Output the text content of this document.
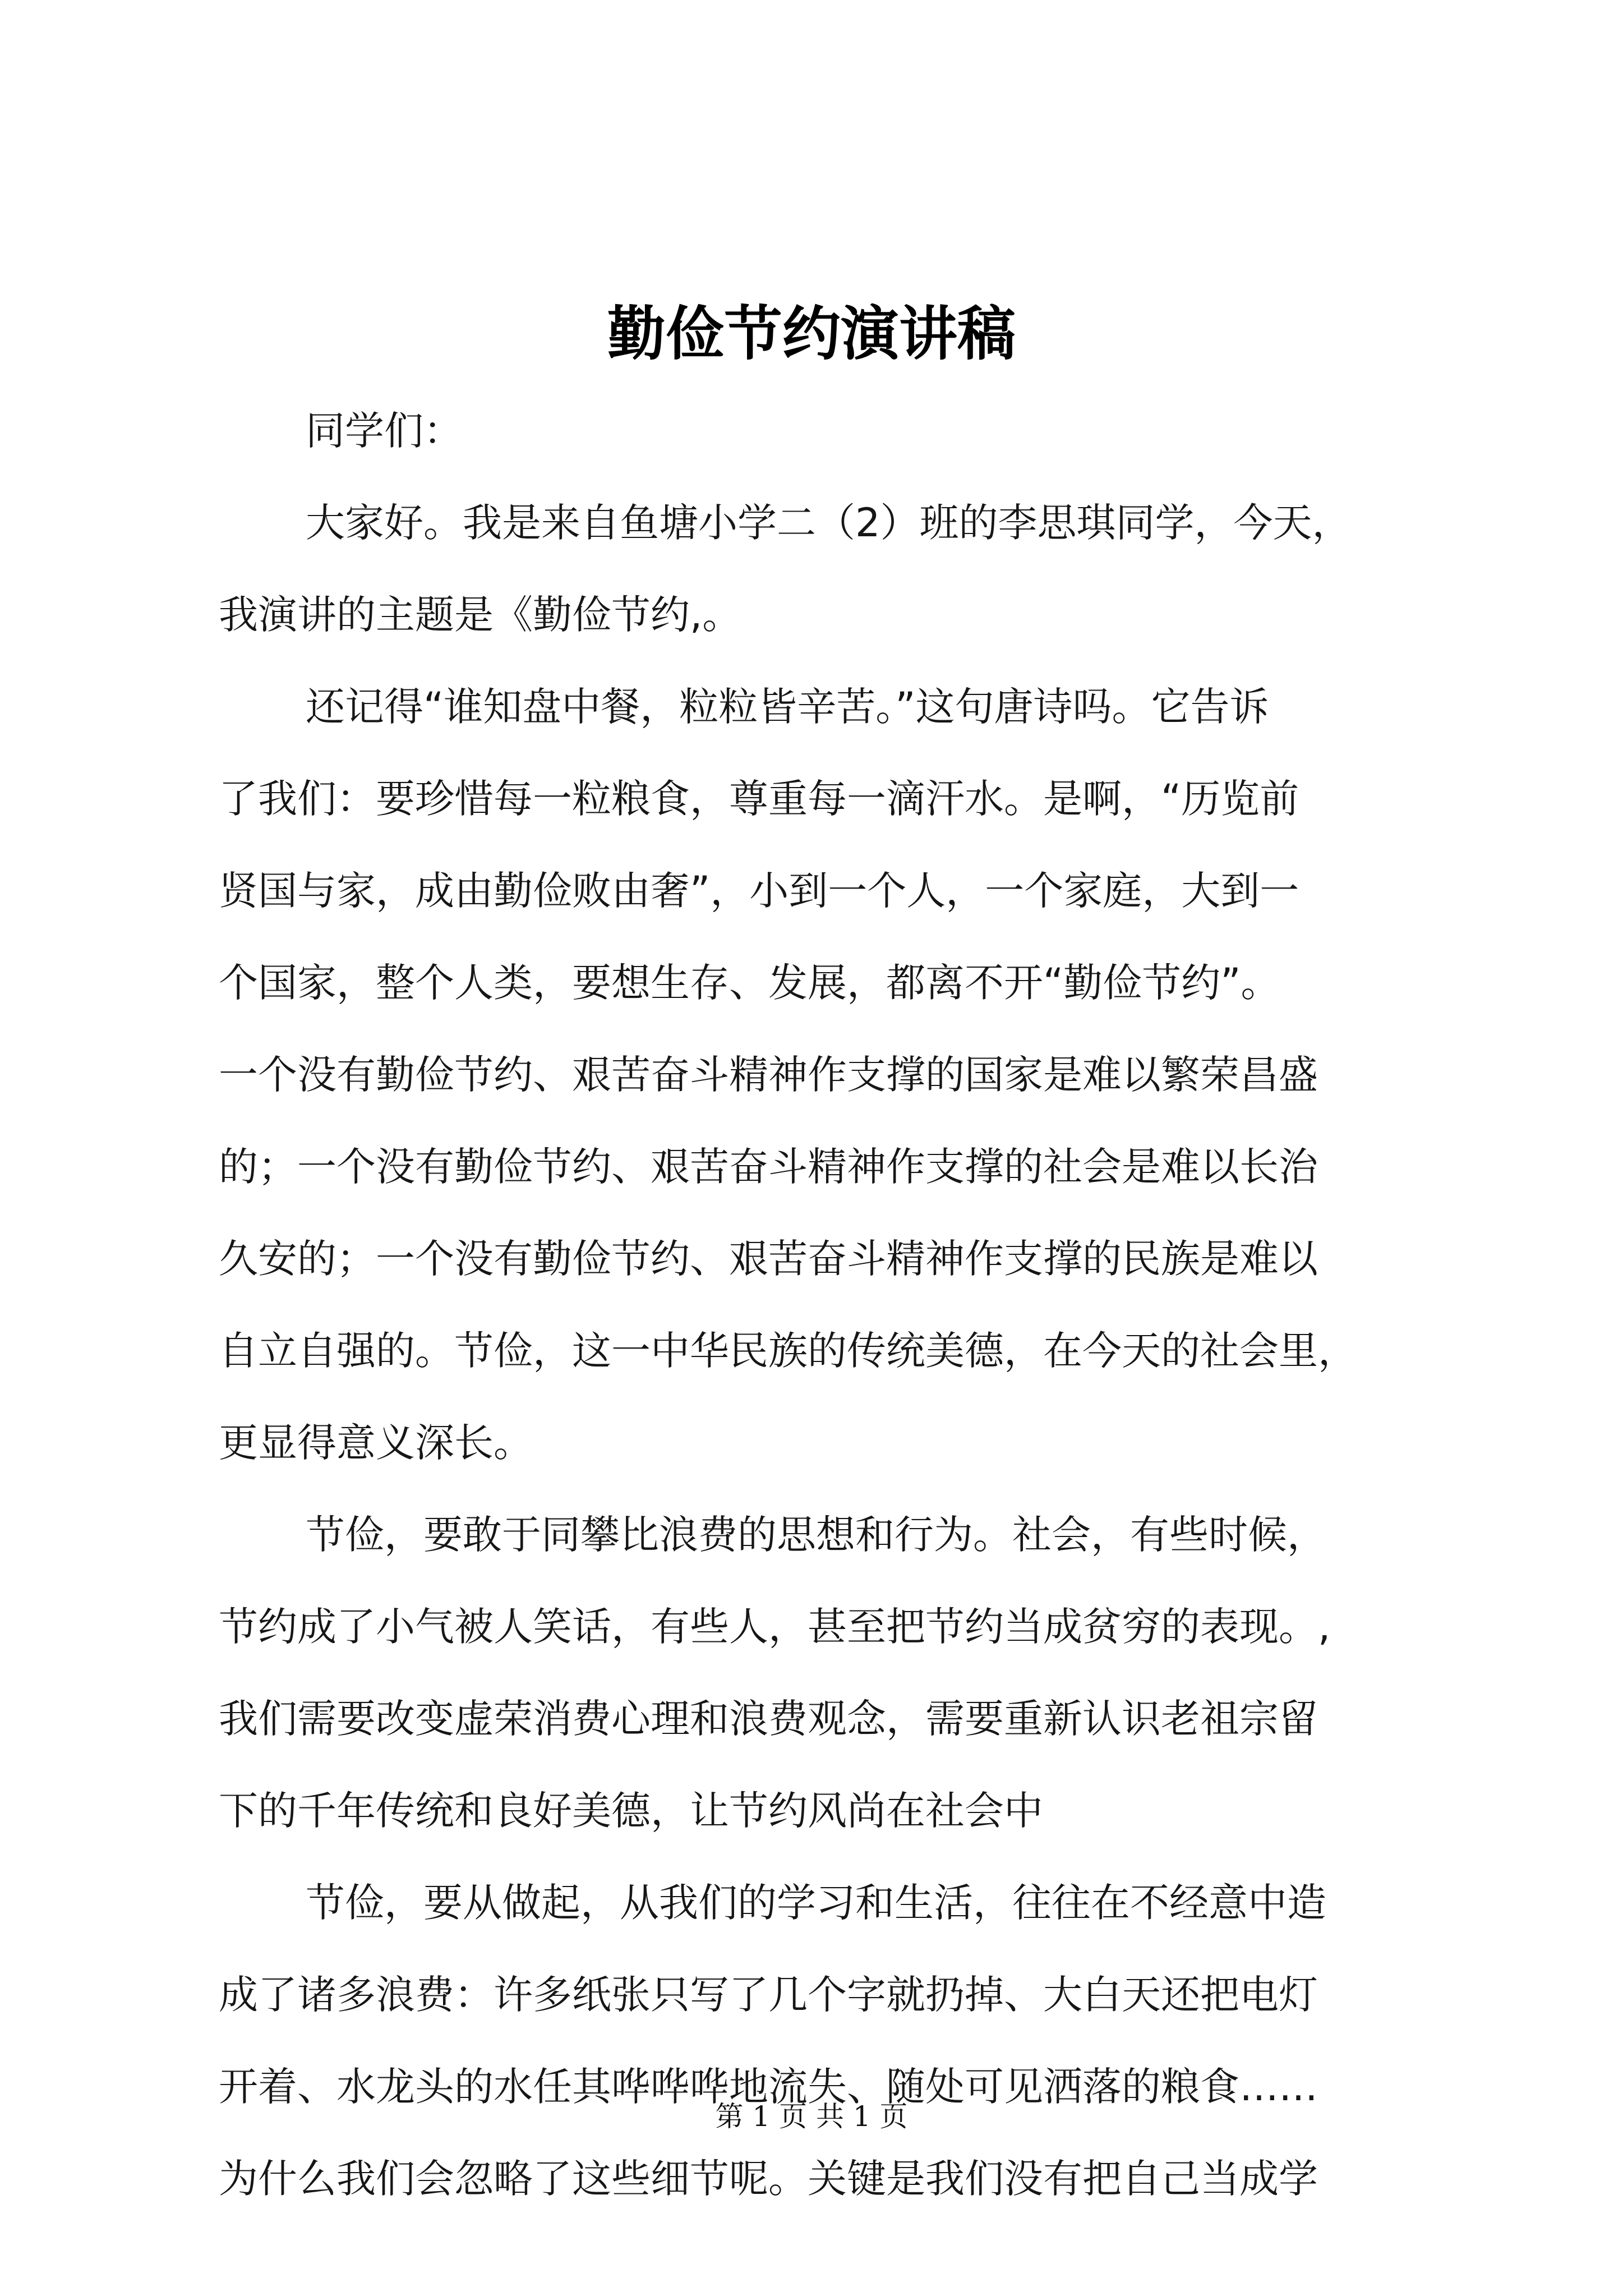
勤俭节约演讲稿
同学们：
大家好。我是来自鱼塘小学二（2）班的李思琪同学，今天，
我演讲的主题是《勤俭节约,。
还记得“谁知盘中餐，粒粒皆辛苦。”这句唐诗吗。它告诉
了我们：要珍惜每一粒粮食，尊重每一滴汗水。是啊，“历览前
贤国与家，成由勤俭败由奢”，小到一个人，一个家庭，大到一
个国家，整个人类，要想生存、发展，都离不开“勤俭节约”。
一个没有勤俭节约、艰苦奋斗精神作支撑的国家是难以繁荣昌盛
的；一个没有勤俭节约、艰苦奋斗精神作支撑的社会是难以长治
久安的；一个没有勤俭节约、艰苦奋斗精神作支撑的民族是难以
自立自强的。节俭，这一中华民族的传统美德，在今天的社会里，
更显得意义深长。
节俭，要敢于同攀比浪费的思想和行为。社会，有些时候，
节约成了小气被人笑话，有些人，甚至把节约当成贫穷的表现。,
我们需要改变虚荣消费心理和浪费观念，需要重新认识老祖宗留
下的千年传统和良好美德，让节约风尚在社会中
节俭，要从做起，从我们的学习和生活，往往在不经意中造
成了诸多浪费：许多纸张只写了几个字就扔掉、大白天还把电灯
开着、水龙头的水任其哗哗哗地流失、随处可见洒落的粮食……
为什么我们会忽略了这些细节呢。关键是我们没有把自己当成学
第 1 页 共 1 页
